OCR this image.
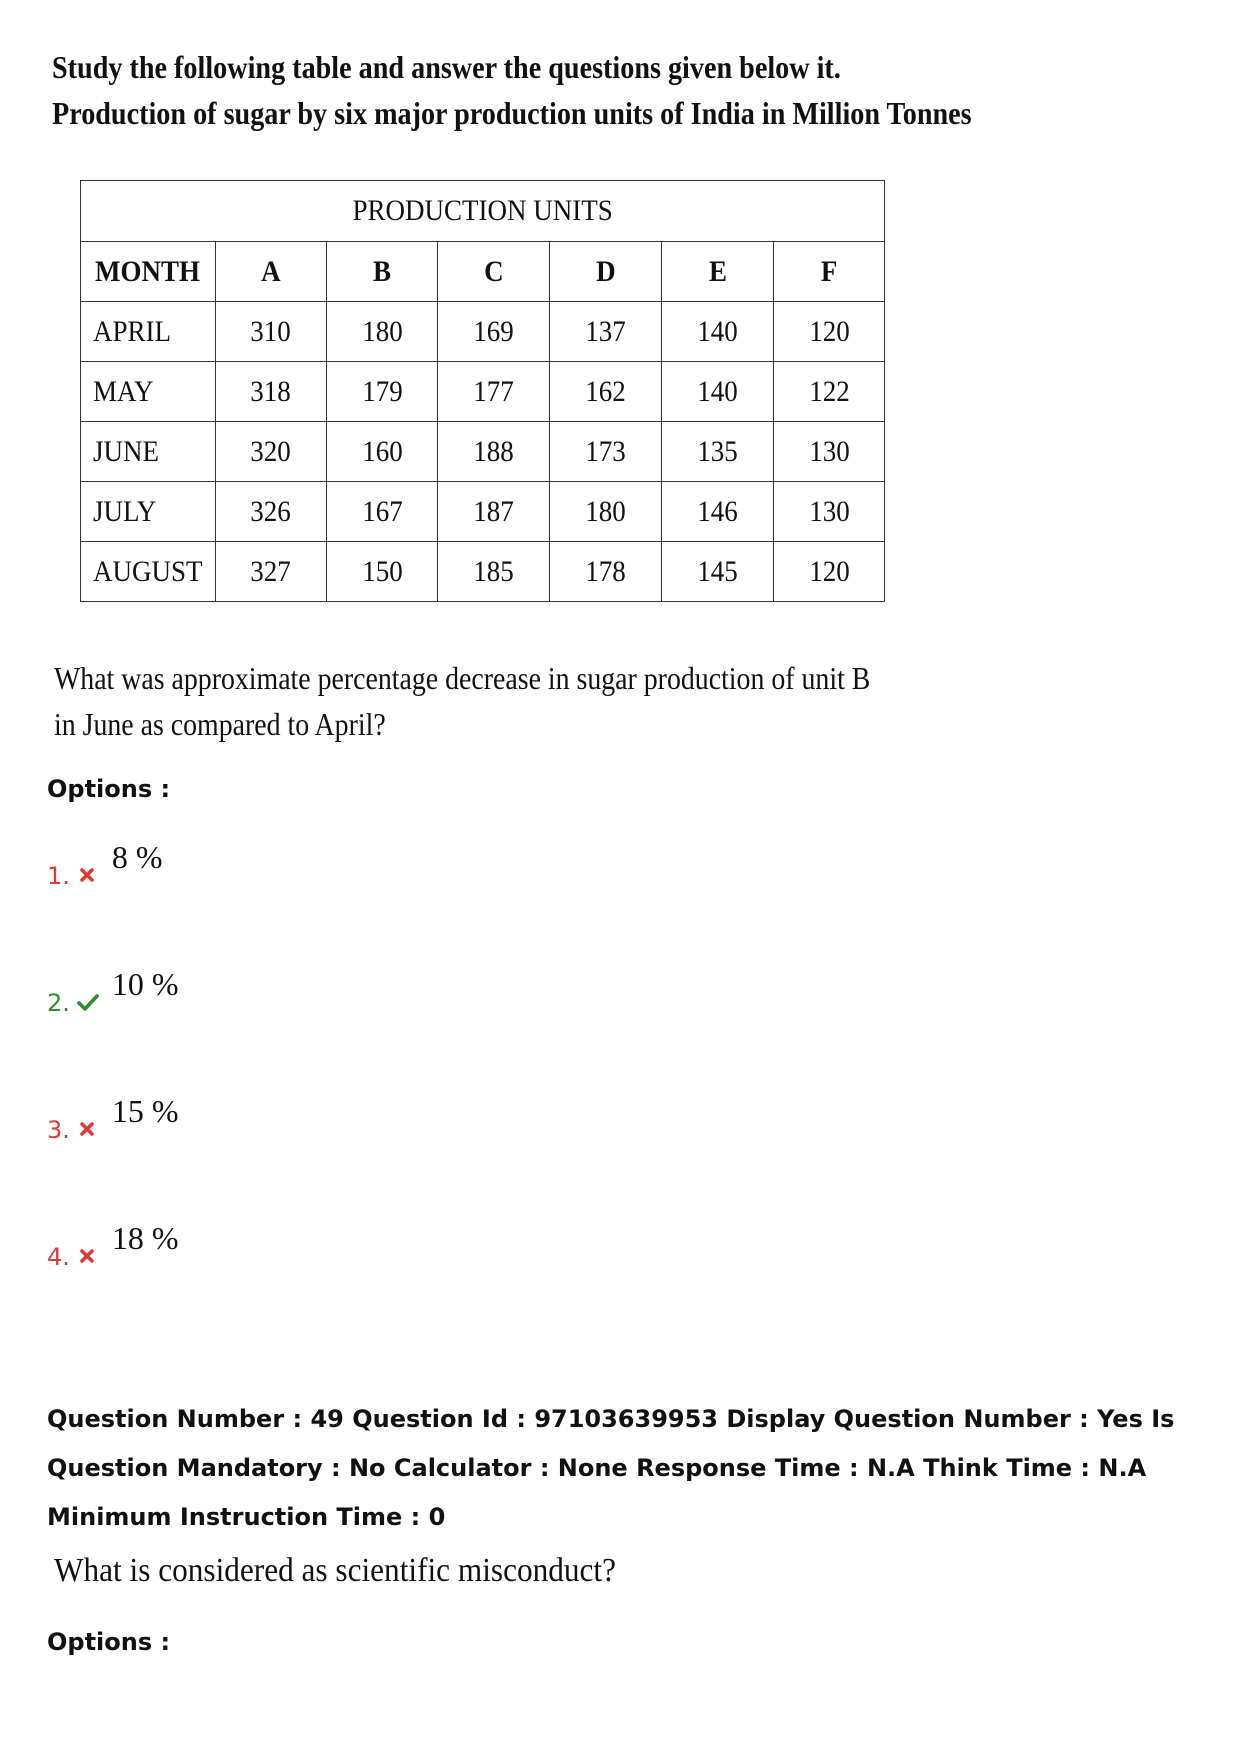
Study the following table and answer the questions given below it.
Production of sugar by six major production units of India in Million Tonnes
PRODUCTION UNITS						
MONTH	A	B	C	D	E	F
APRIL	310	180	169	137	140	120
MAY	318	179	177	162	140	122
JUNE	320	160	188	173	135	130
JULY	326	167	187	180	146	130
AUGUST	327	150	185	178	145	120
What was approximate percentage decrease in sugar production of unit B in June as compared to April?
Options :
1.
8 %
2.
10 %
3.
15 %
4.
18 %
Question Number : 49 Question Id : 97103639953 Display Question Number : Yes Is Question Mandatory : No Calculator : None Response Time : N.A Think Time : N.A Minimum Instruction Time : 0
What is considered as scientific misconduct?
Options :
